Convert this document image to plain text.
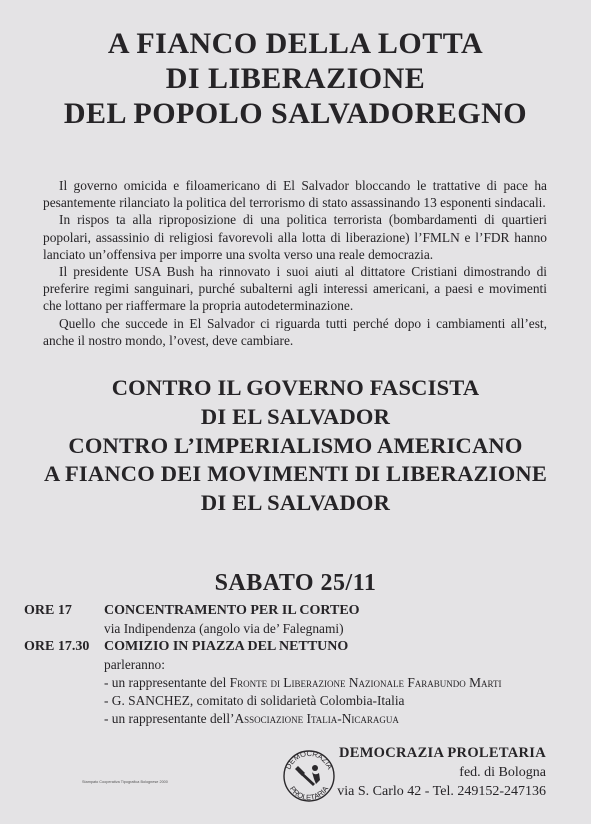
A FIANCO DELLA LOTTA
DI LIBERAZIONE
DEL POPOLO SALVADOREGNO

Il governo omicida e filoamericano di El Salvador bloccando le trattative di pace ha pesantemente rilanciato la politica del terrorismo di stato assassinando 13 esponenti sindacali.

In rispos ta alla riproposizione di una politica terrorista (bombardamenti di quartieri popolari, assassinio di religiosi favorevoli alla lotta di liberazione) l’FMLN e l’FDR hanno lanciato un’offensiva per imporre una svolta verso una reale democrazia.

Il presidente USA Bush ha rinnovato i suoi aiuti al dittatore Cristiani dimostrando di preferire regimi sanguinari, purché subalterni agli interessi americani, a paesi e movimenti che lottano per riaffermare la propria autodeterminazione.

Quello che succede in El Salvador ci riguarda tutti perché dopo i cambiamenti all’est, anche il nostro mondo, l’ovest, deve cambiare.

CONTRO IL GOVERNO FASCISTA
DI EL SALVADOR
CONTRO L’IMPERIALISMO AMERICANO
A FIANCO DEI MOVIMENTI DI LIBERAZIONE
DI EL SALVADOR
SABATO 25/11
ORE 17 CONCENTRAMENTO PER IL CORTEO
via Indipendenza (angolo via de’ Falegnami)
ORE 17.30 COMIZIO IN PIAZZA DEL NETTUNO
parleranno:
- un rappresentante del Fronte di Liberazione Nazionale Farabundo Marti
- G. SANCHEZ, comitato di solidarietà Colombia-Italia
- un rappresentante dell’Associazione Italia-Nicaragua
DEMOCRAZIA
PROLETARIA
DEMOCRAZIA PROLETARIA
fed. di Bologna
via S. Carlo 42 - Tel. 249152-247136
Stampato Cooperativa Tipografica Bolognese 2000
